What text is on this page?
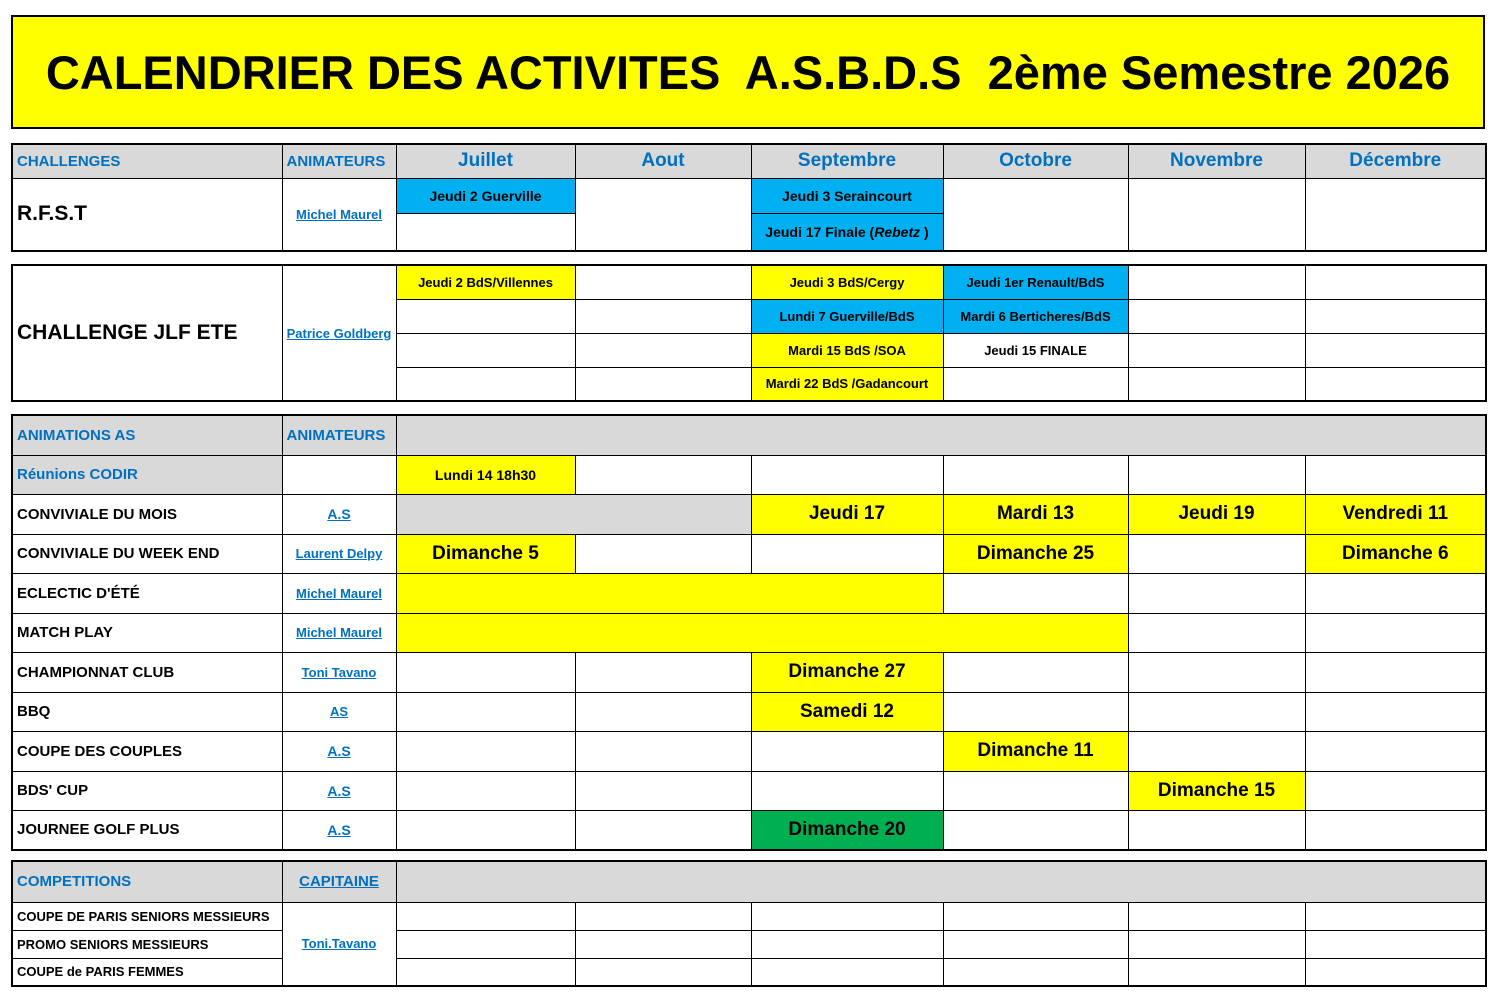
CALENDRIER DES ACTIVITES  A.S.B.D.S  2ème Semestre 2026
CHALLENGES	ANIMATEURS	Juillet	Aout	Septembre	Octobre	Novembre	Décembre
R.F.S.T	Michel Maurel	Jeudi 2 Guerville		Jeudi 3 Seraincourt			
				Jeudi 17 Finale (Rebetz )			
CHALLENGE JLF ETE	Patrice Goldberg	Jeudi 2 BdS/Villennes		Jeudi 3 BdS/Cergy	Jeudi 1er Renault/BdS		
				Lundi 7 Guerville/BdS	Mardi 6 Berticheres/BdS		
				Mardi 15 BdS /SOA	Jeudi 15 FINALE		
				Mardi 22 BdS /Gadancourt			
ANIMATIONS AS	ANIMATEURS						
Réunions CODIR		Lundi 14 18h30					
CONVIVIALE DU MOIS	A.S			Jeudi 17	Mardi 13	Jeudi 19	Vendredi 11
CONVIVIALE DU WEEK END	Laurent Delpy	Dimanche 5			Dimanche 25		Dimanche 6
ECLECTIC D'ÉTÉ	Michel Maurel						
MATCH PLAY	Michel Maurel						
CHAMPIONNAT CLUB	Toni Tavano			Dimanche 27			
BBQ	AS			Samedi 12			
COUPE DES COUPLES	A.S				Dimanche 11		
BDS' CUP	A.S					Dimanche 15	
JOURNEE GOLF PLUS	A.S			Dimanche 20			
COMPETITIONS	CAPITAINE						
COUPE DE PARIS SENIORS MESSIEURS	Toni.Tavano						
PROMO SENIORS MESSIEURS							
COUPE de PARIS FEMMES							
